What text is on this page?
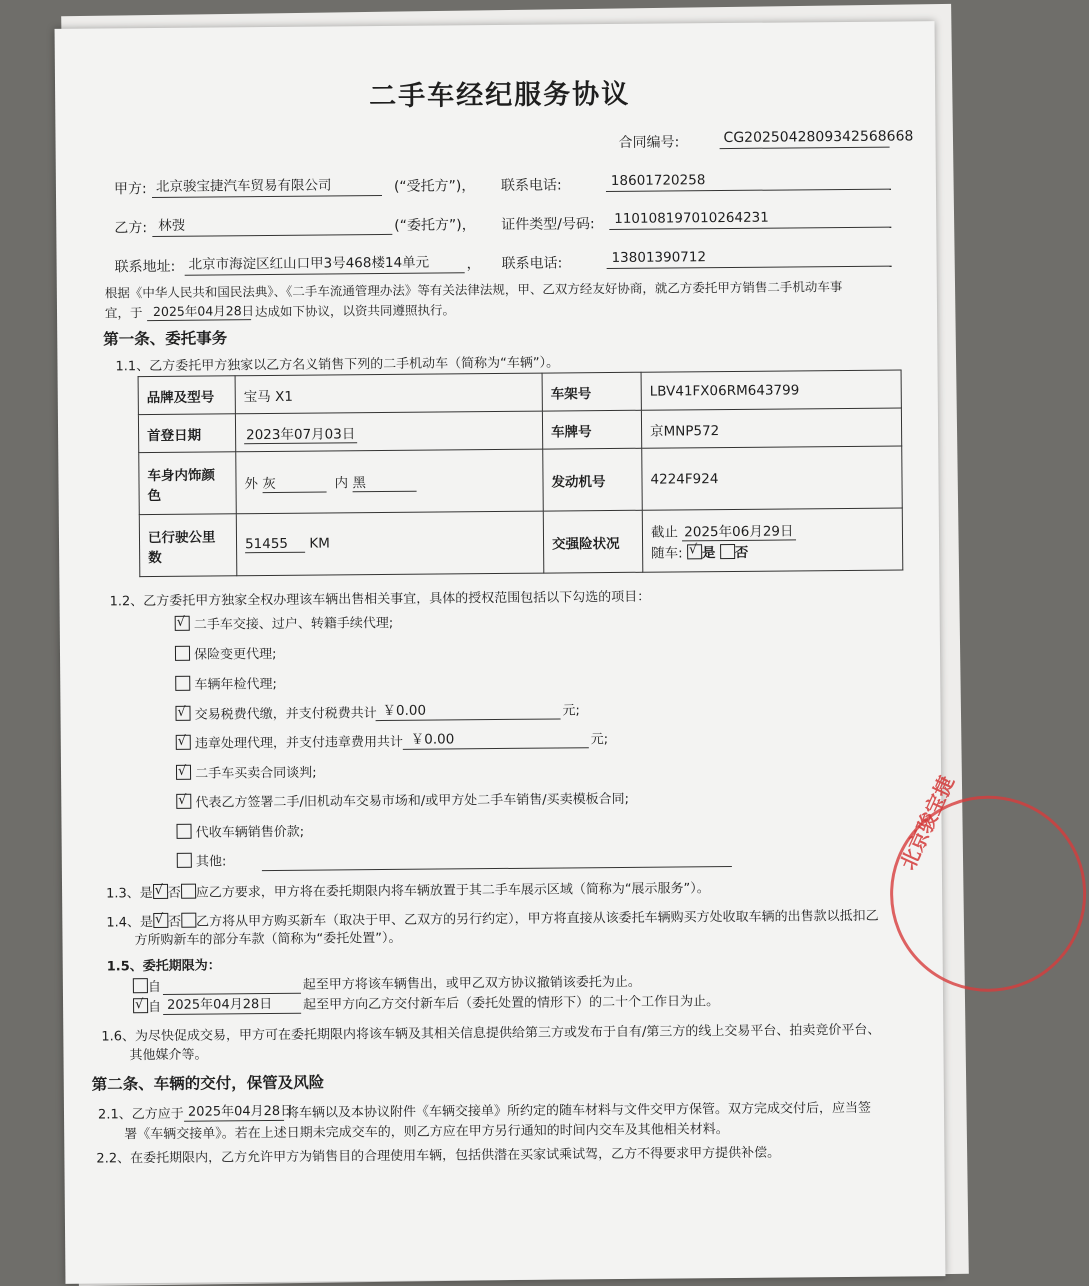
二手车经纪服务协议
合同编号:	CG2025042809342568668
甲方: 北京骏宝捷汽车贸易有限公司	(“受托方”)， 联系电话:	18601720258
乙方: 林弢	(“委托方”)， 证件类型/号码: 110108197010264231
联系地址: 北京市海淀区红山口甲3号468楼14单元	， 联系电话:	13801390712
根据《中华人民共和国民法典》、《二手车流通管理办法》等有关法律法规，甲、乙双方经友好协商，就乙方委托甲方销售二手机动车事
宜，于 2025年04月28日 达成如下协议，以资共同遵照执行。
第一条、委托事务
1.1、乙方委托甲方独家以乙方名义销售下列的二手机动车（简称为“车辆”）。
品牌及型号	宝马 X1	车架号	LBV41FX06RM643799
首登日期	2023年07月03日	车牌号	京MNP572
车身内饰颜
色	外 灰 内 黑	发动机号	4224F924
已行驶公里
数	51455 KM	交强险状况	截止 2025年06月29日
随车: √ 是 否
1.2、乙方委托甲方独家全权办理该车辆出售相关事宜，具体的授权范围包括以下勾选的项目：
√ 二手车交接、过户、转籍手续代理;
保险变更代理;
车辆年检代理;
√ 交易税费代缴，并支付税费共计 ￥0.00	元;
√ 违章处理代理，并支付违章费用共计 ￥0.00	元;
√ 二手车买卖合同谈判;
√ 代表乙方签署二手/旧机动车交易市场和/或甲方处二手车销售/买卖模板合同;
代收车辆销售价款;
其他:
1.3、是 √ 否 应乙方要求，甲方将在委托期限内将车辆放置于其二手车展示区域（简称为“展示服务”）。
1.4、是 √ 否 乙方将从甲方购买新车（取决于甲、乙双方的另行约定），甲方将直接从该委托车辆购买方处收取车辆的出售款以抵扣乙
方所购新车的部分车款（简称为“委托处置”）。
1.5、委托期限为：
自	起至甲方将该车辆售出，或甲乙双方协议撤销该委托为止。
√自 2025年04月28日 起至甲方向乙方交付新车后（委托处置的情形下）的二十个工作日为止。
1.6、为尽快促成交易，甲方可在委托期限内将该车辆及其相关信息提供给第三方或发布于自有/第三方的线上交易平台、拍卖竞价平台、
其他媒介等。
第二条、车辆的交付，保管及风险
2.1、乙方应于 2025年04月28日
将车辆以及本协议附件《车辆交接单》所约定的随车材料与文件交甲方保管。双方完成交付后，应当签
署《车辆交接单》。若在上述日期未完成交车的，则乙方应在甲方另行通知的时间内交车及其他相关材料。
2.2、在委托期限内，乙方允许甲方为销售目的合理使用车辆，包括供潜在买家试乘试驾，乙方不得要求甲方提供补偿。
北京骏宝捷
